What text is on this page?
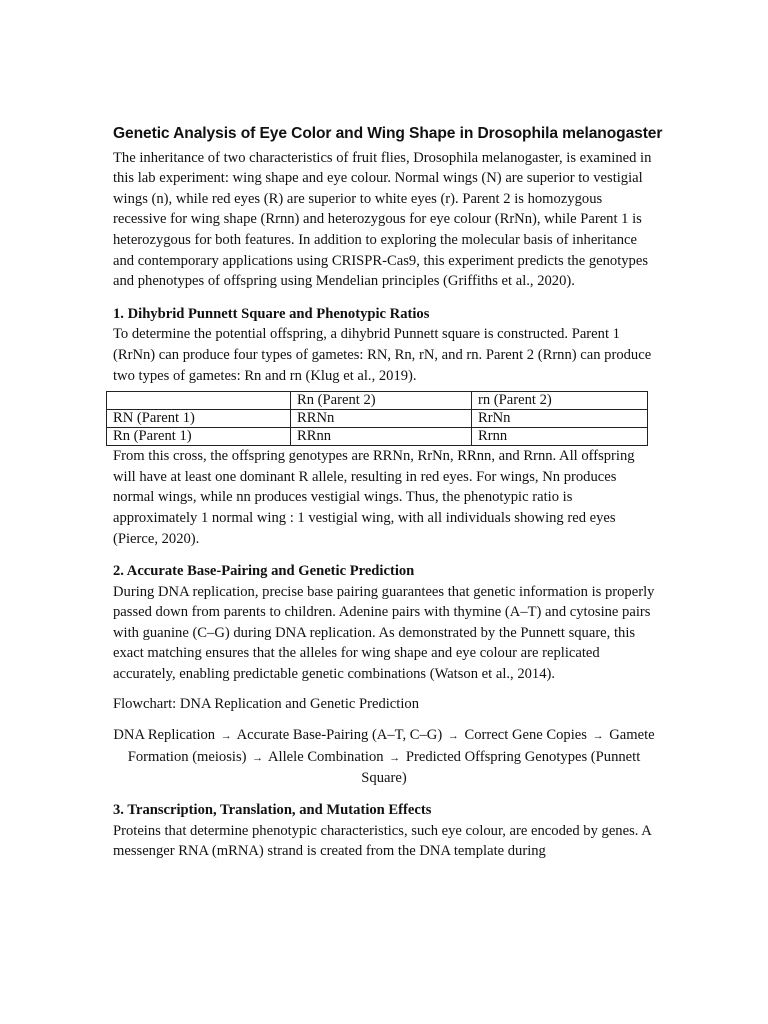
Genetic Analysis of Eye Color and Wing Shape in Drosophila melanogaster

The inheritance of two characteristics of fruit flies, Drosophila melanogaster, is examined in this lab experiment: wing shape and eye colour. Normal wings (N) are superior to vestigial wings (n), while red eyes (R) are superior to white eyes (r). Parent 2 is homozygous recessive for wing shape (Rrnn) and heterozygous for eye colour (RrNn), while Parent 1 is heterozygous for both features. In addition to exploring the molecular basis of inheritance and contemporary applications using CRISPR-Cas9, this experiment predicts the genotypes and phenotypes of offspring using Mendelian principles (Griffiths et al., 2020).

1. Dihybrid Punnett Square and Phenotypic Ratios

To determine the potential offspring, a dihybrid Punnett square is constructed. Parent 1 (RrNn) can produce four types of gametes: RN, Rn, rN, and rn. Parent 2 (Rrnn) can produce two types of gametes: Rn and rn (Klug et al., 2019).

	Rn (Parent 2)	rn (Parent 2)
RN (Parent 1)	RRNn	RrNn
Rn (Parent 1)	RRnn	Rrnn

From this cross, the offspring genotypes are RRNn, RrNn, RRnn, and Rrnn. All offspring will have at least one dominant R allele, resulting in red eyes. For wings, Nn produces normal wings, while nn produces vestigial wings. Thus, the phenotypic ratio is approximately 1 normal wing : 1 vestigial wing, with all individuals showing red eyes (Pierce, 2020).

2. Accurate Base-Pairing and Genetic Prediction

During DNA replication, precise base pairing guarantees that genetic information is properly passed down from parents to children. Adenine pairs with thymine (A–T) and cytosine pairs with guanine (C–G) during DNA replication. As demonstrated by the Punnett square, this exact matching ensures that the alleles for wing shape and eye colour are replicated accurately, enabling predictable genetic combinations (Watson et al., 2014).

Flowchart: DNA Replication and Genetic Prediction

DNA Replication → Accurate Base-Pairing (A–T, C–G) → Correct Gene Copies → Gamete Formation (meiosis) → Allele Combination → Predicted Offspring Genotypes (Punnett Square)

3. Transcription, Translation, and Mutation Effects

Proteins that determine phenotypic characteristics, such eye colour, are encoded by genes. A messenger RNA (mRNA) strand is created from the DNA template during
